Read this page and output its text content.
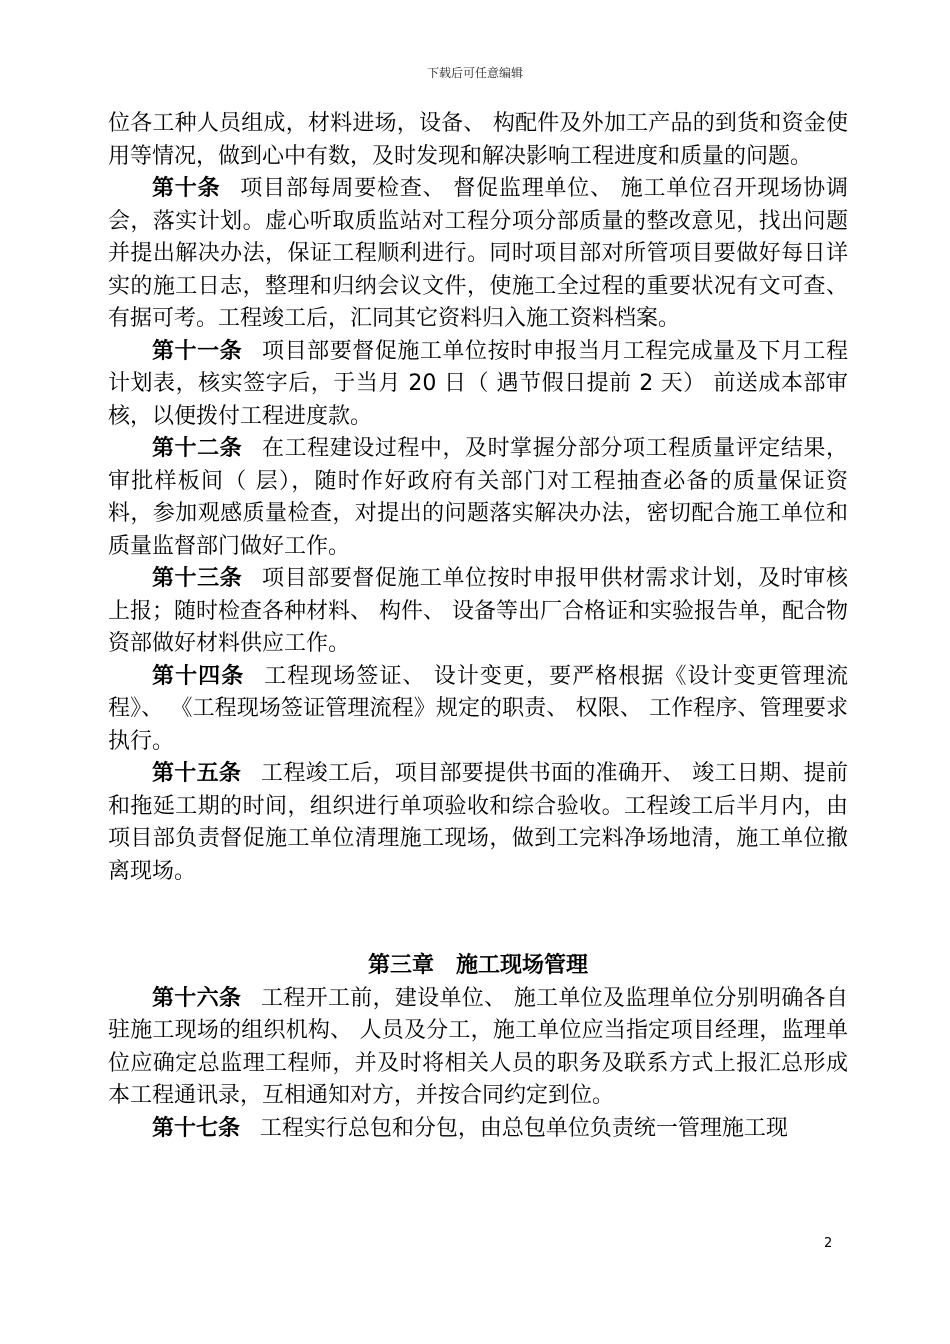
下载后可任意编辑

位各工种人员组成，材料进场，设备、 构配件及外加工产品的到货和资金使用等情况，做到心中有数，及时发现和解决影响工程进度和质量的问题。

第十条 项目部每周要检查、 督促监理单位、 施工单位召开现场协调会，落实计划。虚心听取质监站对工程分项分部质量的整改意见，找出问题并提出解决办法，保证工程顺利进行。同时项目部对所管项目要做好每日详实的施工日志，整理和归纳会议文件，使施工全过程的重要状况有文可查、 有据可考。工程竣工后，汇同其它资料归入施工资料档案。

第十一条 项目部要督促施工单位按时申报当月工程完成量及下月工程计划表，核实签字后，于当月 20 日（ 遇节假日提前 2 天） 前送成本部审核，以便拨付工程进度款。

第十二条 在工程建设过程中，及时掌握分部分项工程质量评定结果，审批样板间（ 层），随时作好政府有关部门对工程抽查必备的质量保证资料，参加观感质量检查，对提出的问题落实解决办法，密切配合施工单位和质量监督部门做好工作。

第十三条 项目部要督促施工单位按时申报甲供材需求计划，及时审核上报；随时检查各种材料、 构件、 设备等出厂合格证和实验报告单，配合物资部做好材料供应工作。

第十四条 工程现场签证、 设计变更，要严格根据《设计变更管理流程》、 《工程现场签证管理流程》规定的职责、 权限、 工作程序、管理要求执行。

第十五条 工程竣工后，项目部要提供书面的准确开、 竣工日期、提前和拖延工期的时间，组织进行单项验收和综合验收。工程竣工后半月内，由项目部负责督促施工单位清理施工现场，做到工完料净场地清，施工单位撤离现场。

第三章　施工现场管理

第十六条 工程开工前，建设单位、 施工单位及监理单位分别明确各自驻施工现场的组织机构、 人员及分工，施工单位应当指定项目经理，监理单位应确定总监理工程师，并及时将相关人员的职务及联系方式上报汇总形成本工程通讯录，互相通知对方，并按合同约定到位。

第十七条 工程实行总包和分包，由总包单位负责统一管理施工现

2
